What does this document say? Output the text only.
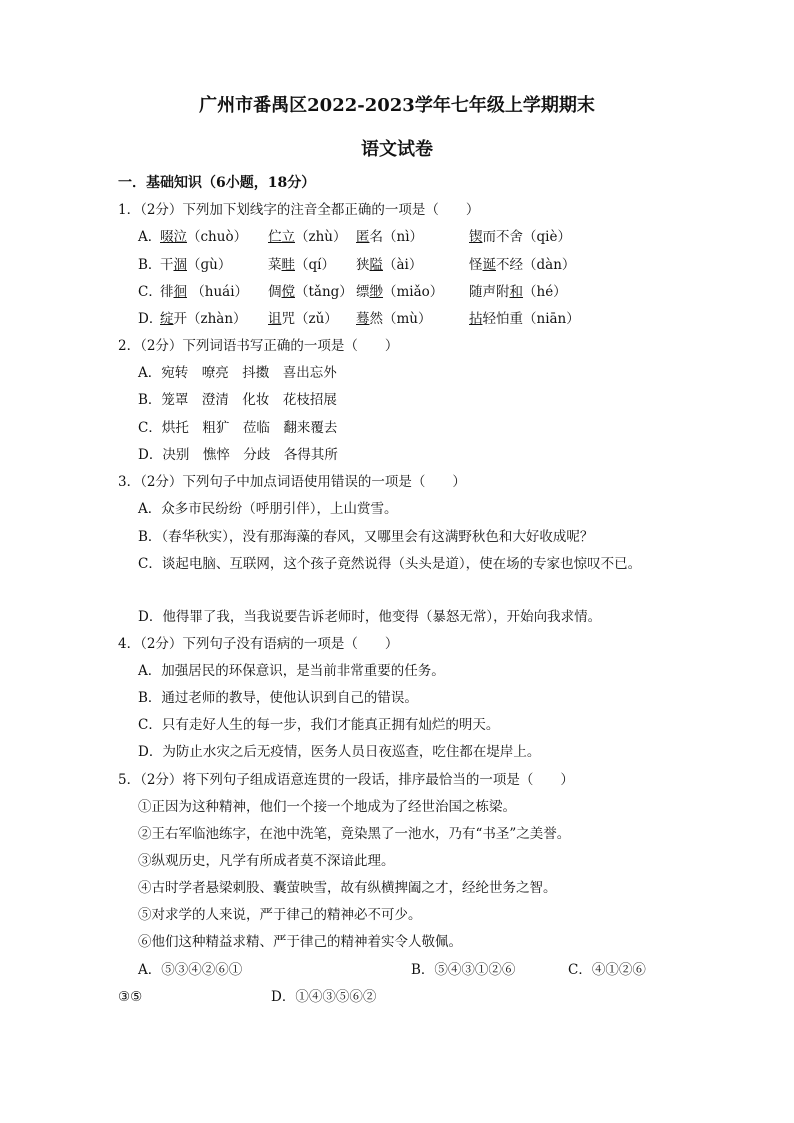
广州市番禺区2022-2023学年七年级上学期期末
语文试卷
一．基础知识（6小题，18分）
1．（2分）下列加下划线字的注音全都正确的一项是（　　）
A．
啜泣（chuò） 伫立（zhù） 匿名（nì）	锲而不舍（qiè）
B．
干涸（ɡù）	菜畦（qí） 狭隘（ài）	怪诞不经（dàn）
C．
徘徊 （huái） 倜傥（tǎng） 缥缈（miǎo） 随声附和（hé）
D．
绽开（zhàn） 诅咒（zǔ） 蓦然（mù）	拈轻怕重（niān）
2．（2分）下列词语书写正确的一项是（　　）
A．宛转　嘹亮　抖擞　喜出忘外
B．笼罩　澄清　化妆　花枝招展
C．烘托　粗犷　莅临　翻来覆去
D．决别　憔悴　分歧　各得其所
3．（2分）下列句子中加点词语使用错误的一项是（　　）
A．众多市民纷纷（呼朋引伴），上山赏雪。
B．（春华秋实），没有那海藻的春风，又哪里会有这满野秋色和大好收成呢？
C．谈起电脑、互联网，这个孩子竟然说得（头头是道），使在场的专家也惊叹不已。
D．他得罪了我，当我说要告诉老师时，他变得（暴怒无常），开始向我求情。
4．（2分）下列句子没有语病的一项是（　　）
A．加强居民的环保意识，是当前非常重要的任务。
B．通过老师的教导，使他认识到自己的错误。
C．只有走好人生的每一步，我们才能真正拥有灿烂的明天。
D．为防止水灾之后无疫情，医务人员日夜巡查，吃住都在堤岸上。
5．（2分）将下列句子组成语意连贯的一段话，排序最恰当的一项是（　　）
①正因为这种精神，他们一个接一个地成为了经世治国之栋梁。
②王右军临池练字，在池中洗笔，竟染黑了一池水，乃有“书圣”之美誉。
③纵观历史，凡学有所成者莫不深谙此理。
④古时学者悬梁刺股、囊萤映雪，故有纵横捭阖之才，经纶世务之智。
⑤对求学的人来说，严于律己的精神必不可少。
⑥他们这种精益求精、严于律己的精神着实令人敬佩。
A．⑤③④②⑥①	B．⑤④③①②⑥	C．④①②⑥
③⑤	D．①④③⑤⑥②
